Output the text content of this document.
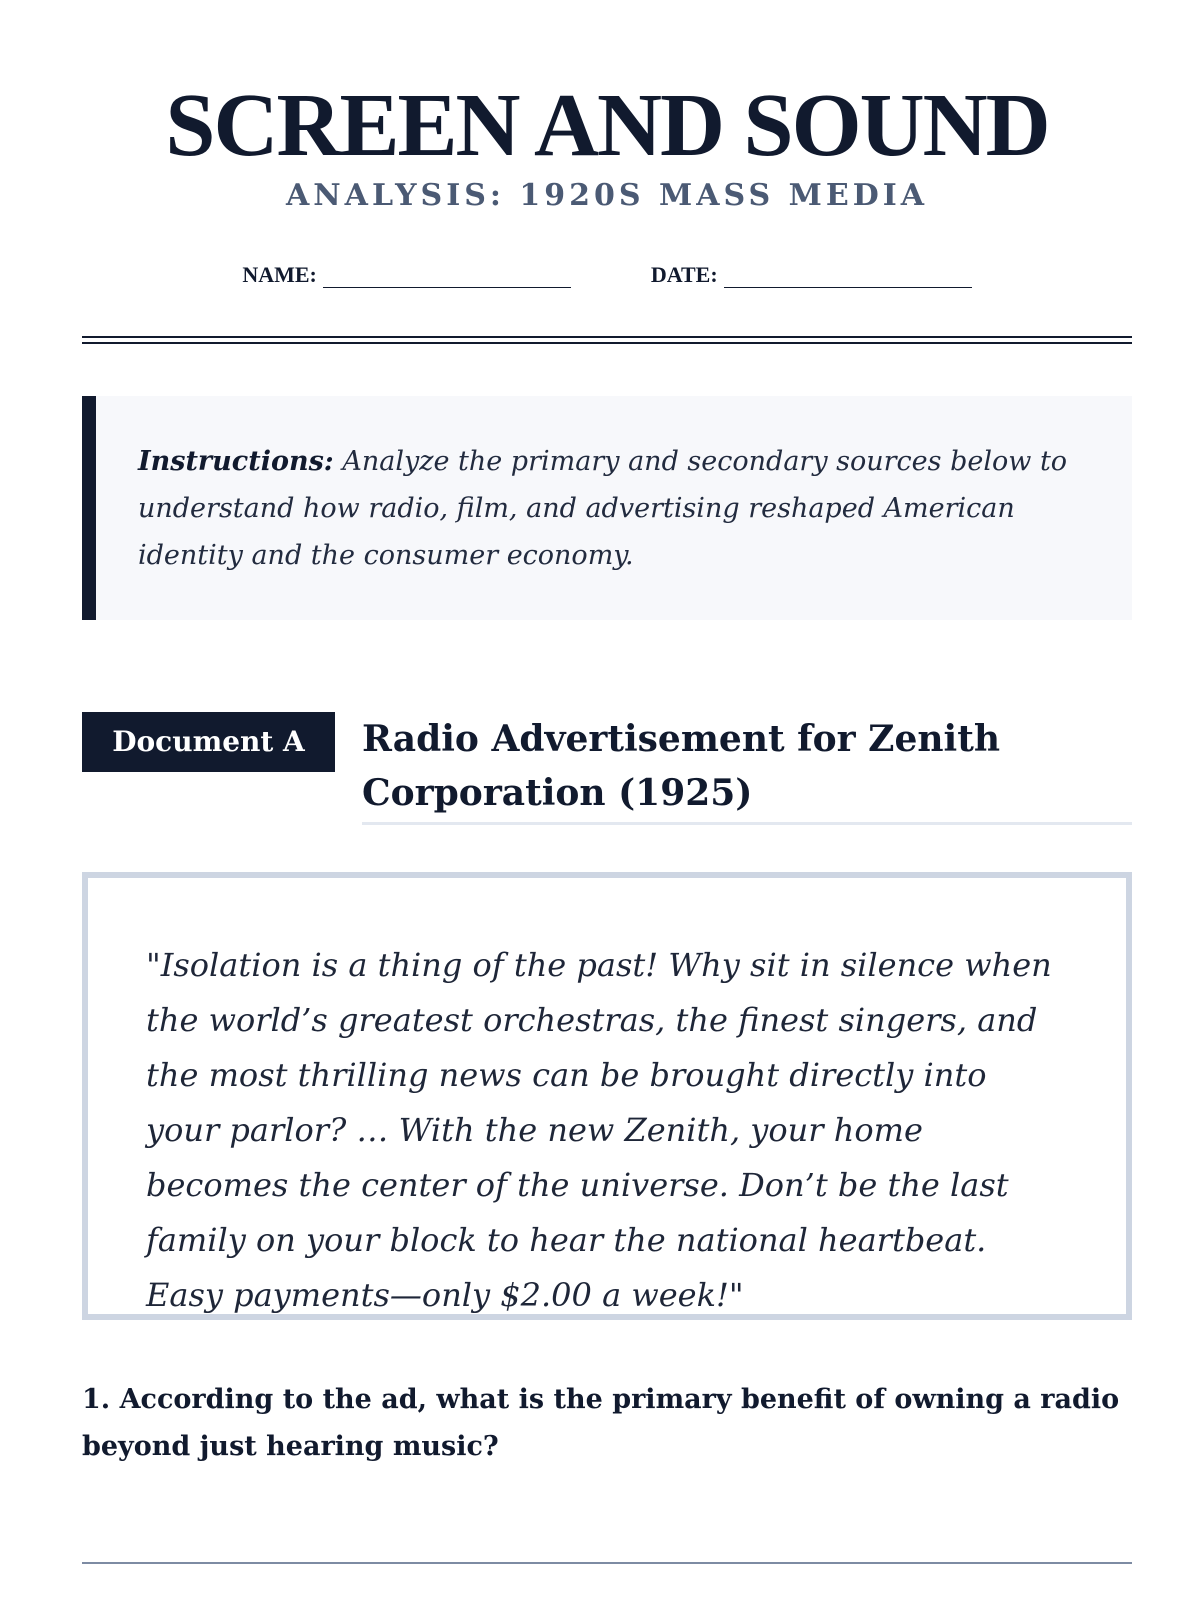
SCREEN AND SOUND
ANALYSIS: 1920S MASS MEDIA
NAME:	DATE:
Instructions: Analyze the primary and secondary sources below to understand how radio, film, and advertising reshaped American identity and the consumer economy.
Document A	Radio Advertisement for Zenith Corporation (1925)
"Isolation is a thing of the past! Why sit in silence when the world’s greatest orchestras, the finest singers, and the most thrilling news can be brought directly into your parlor? … With the new Zenith, your home becomes the center of the universe. Don’t be the last family on your block to hear the national heartbeat. Easy payments—only $2.00 a week!"
1. According to the ad, what is the primary benefit of owning a radio beyond just hearing music?
